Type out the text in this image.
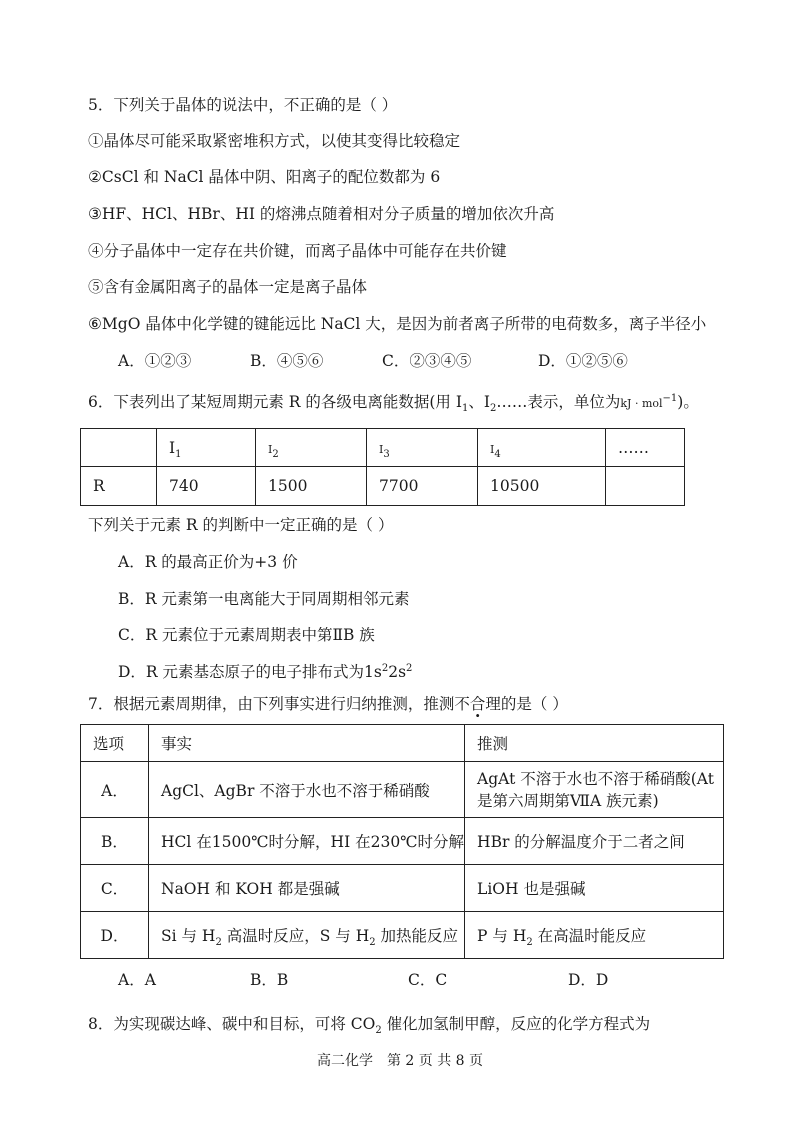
5．下列关于晶体的说法中，不正确的是（ ）
①晶体尽可能采取紧密堆积方式，以使其变得比较稳定
②CsCl 和 NaCl 晶体中阴、阳离子的配位数都为 6
③HF、HCl、HBr、HI 的熔沸点随着相对分子质量的增加依次升高
④分子晶体中一定存在共价键，而离子晶体中可能存在共价键
⑤含有金属阳离子的晶体一定是离子晶体
⑥MgO 晶体中化学键的键能远比 NaCl 大，是因为前者离子所带的电荷数多，离子半径小
A．①②③	B．④⑤⑥	C．②③④⑤	D．①②⑤⑥
6．下表列出了某短周期元素 R 的各级电离能数据(用 $I_1$、$I_2\dots\dots$表示，单位为kJ · mol$^{-1}$)。
	$I_1$	$I_2$	$I_3$	$I_4$	……
R	740	1500	7700	10500	
下列关于元素 R 的判断中一定正确的是（ ）
A．R 的最高正价为+3 价
B．R 元素第一电离能大于同周期相邻元素
C．R 元素位于元素周期表中第ⅡB 族
D．R 元素基态原子的电子排布式为$1s^22s^2$
7．根据元素周期律，由下列事实进行归纳推测，推测不合理的是（ ）
选项	事实	推测
A．	AgCl、AgBr 不溶于水也不溶于稀硝酸	AgAt 不溶于水也不溶于稀硝酸(At 是第六周期第ⅦA 族元素)
B．	HCl 在1500℃时分解，HI 在230℃时分解	HBr 的分解温度介于二者之间
C．	NaOH 和 KOH 都是强碱	LiOH 也是强碱
D．	Si 与 $H_2$ 高温时反应，S 与 $H_2$ 加热能反应	P 与 $H_2$ 在高温时能反应
A．A	B．B	C．C	D．D
8．为实现碳达峰、碳中和目标，可将 $CO_2$ 催化加氢制甲醇，反应的化学方程式为
高二化学　第 2 页 共 8 页
